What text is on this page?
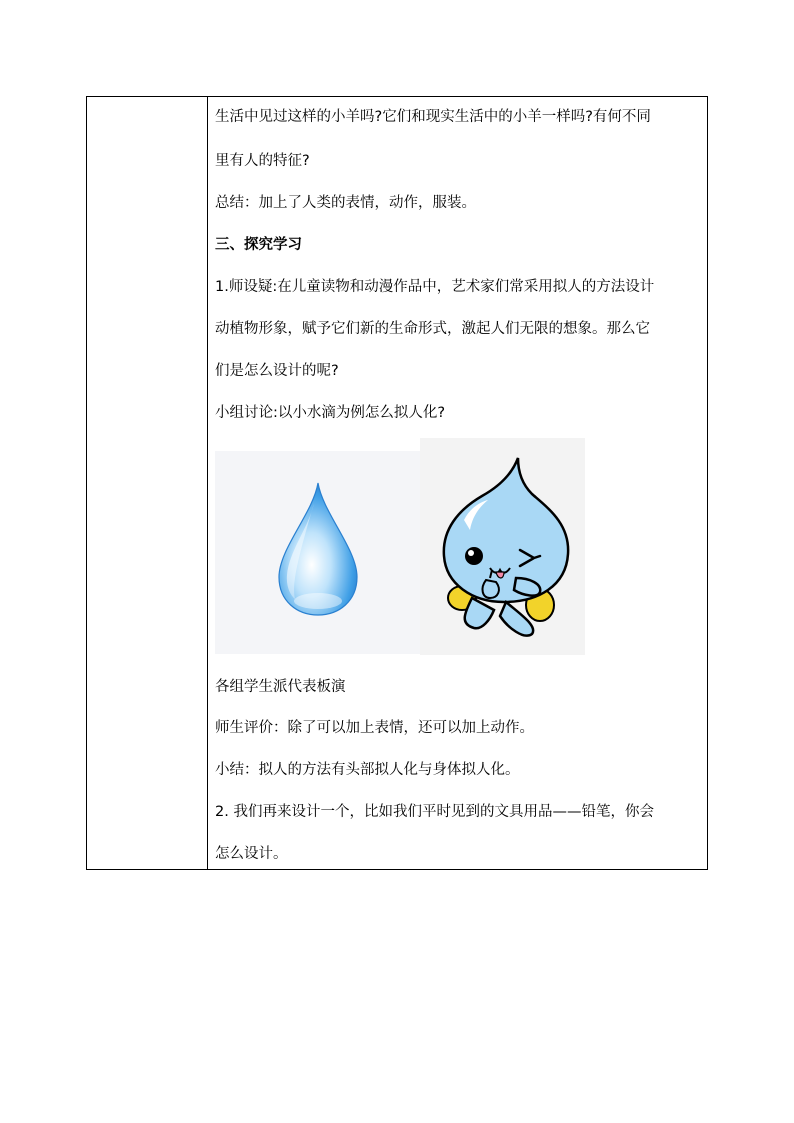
生活中见过这样的小羊吗?它们和现实生活中的小羊一样吗?有何不同
里有人的特征?
总结：加上了人类的表情，动作，服装。
三、探究学习
1.师设疑:在儿童读物和动漫作品中，艺术家们常采用拟人的方法设计
动植物形象，赋予它们新的生命形式，激起人们无限的想象。那么它
们是怎么设计的呢?
小组讨论:以小水滴为例怎么拟人化?
各组学生派代表板演
师生评价：除了可以加上表情，还可以加上动作。
小结：拟人的方法有头部拟人化与身体拟人化。
2. 我们再来设计一个，比如我们平时见到的文具用品——铅笔，你会
怎么设计。
